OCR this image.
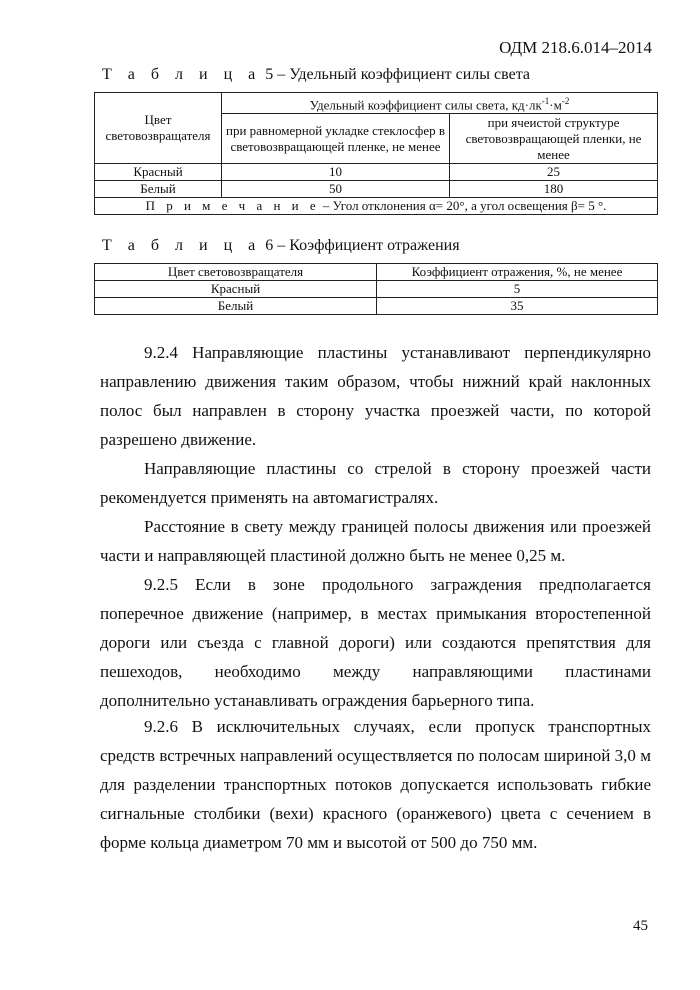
ОДМ 218.6.014–2014
Т а б л и ц а 5 – Удельный коэффициент силы света
Цвет световозвращателя	Удельный коэффициент силы света, $кд\cdot лк^{-1}\cdot м^{-2}$
	при равномерной укладке стеклосфер в световозвращающей пленке, не менее	при ячеистой структуре световозвращающей пленки, не менее
Красный	10	25
Белый	50	180
П р и м е ч а н и е – Угол отклонения α= 20°, а угол освещения β= 5 °.		
Т а б л и ц а 6 – Коэффициент отражения
Цвет световозвращателя	Коэффициент отражения, %, не менее
Красный	5
Белый	35

9.2.4 Направляющие пластины устанавливают перпендикулярно направлению движения таким образом, чтобы нижний край наклонных полос был направлен в сторону участка проезжей части, по которой разрешено движение.

Направляющие пластины со стрелой в сторону проезжей части рекомендуется применять на автомагистралях.

Расстояние в свету между границей полосы движения или проезжей части и направляющей пластиной должно быть не менее 0,25 м.

9.2.5 Если в зоне продольного заграждения предполагается поперечное движение (например, в местах примыкания второстепенной дороги или съезда с главной дороги) или создаются препятствия для пешеходов, необходимо между направляющими пластинами дополнительно устанавливать ограждения барьерного типа.

9.2.6 В исключительных случаях, если пропуск транспортных средств встречных направлений осуществляется по полосам шириной 3,0 м для разделении транспортных потоков допускается использовать гибкие сигнальные столбики (вехи) красного (оранжевого) цвета с сечением в форме кольца диаметром 70 мм и высотой от 500 до 750 мм.

45
